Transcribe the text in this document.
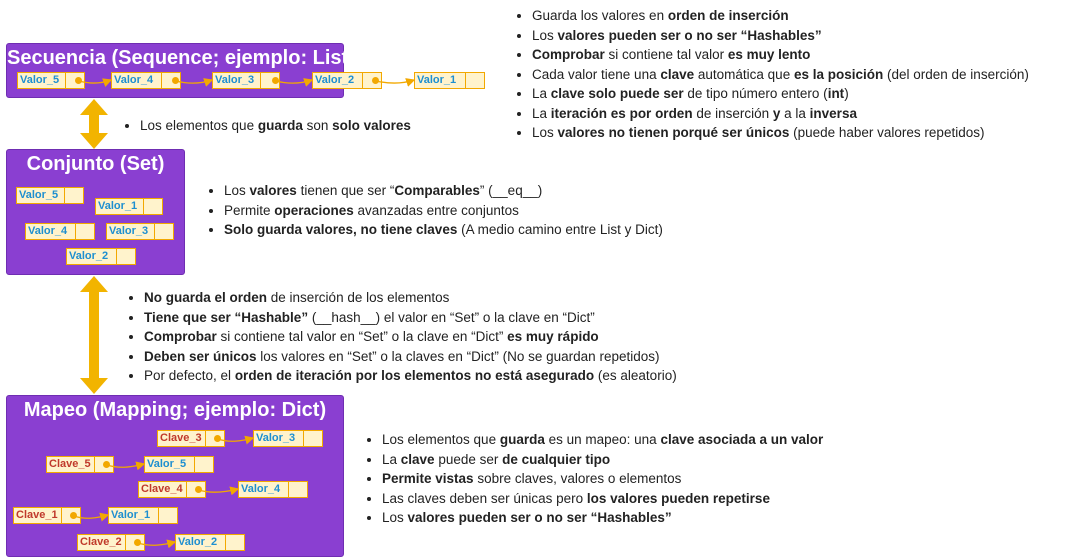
Secuencia (Sequence; ejemplo: List)
Valor_5	Valor_4	Valor_3	Valor_2	Valor_1
• Guarda los valores en orden de inserción
• Los valores pueden ser o no ser “Hashables”
• Comprobar si contiene tal valor es muy lento
• Cada valor tiene una clave automática que es la posición (del orden de inserción)
• La clave solo puede ser de tipo número entero (int)
• La iteración es por orden de inserción y a la inversa
• Los valores no tienen porqué ser únicos (puede haber valores repetidos)
• Los elementos que guarda son solo valores
Conjunto (Set)
Valor_5
Valor_1
Valor_4	Valor_3
Valor_2
• Los valores tienen que ser “Comparables” (__eq__)
• Permite operaciones avanzadas entre conjuntos
• Solo guarda valores, no tiene claves (A medio camino entre List y Dict)
• No guarda el orden de inserción de los elementos
• Tiene que ser “Hashable” (__hash__) el valor en “Set” o la clave en “Dict”
• Comprobar si contiene tal valor en “Set” o la clave en “Dict” es muy rápido
• Deben ser únicos los valores en “Set” o la claves en “Dict” (No se guardan repetidos)
• Por defecto, el orden de iteración por los elementos no está asegurado (es aleatorio)
Mapeo (Mapping; ejemplo: Dict)
Clave_3	Valor_3
Clave_5	Valor_5
Clave_4	Valor_4
Clave_1	Valor_1
Clave_2	Valor_2
• Los elementos que guarda es un mapeo: una clave asociada a un valor
• La clave puede ser de cualquier tipo
• Permite vistas sobre claves, valores o elementos
• Las claves deben ser únicas pero los valores pueden repetirse
• Los valores pueden ser o no ser “Hashables”
